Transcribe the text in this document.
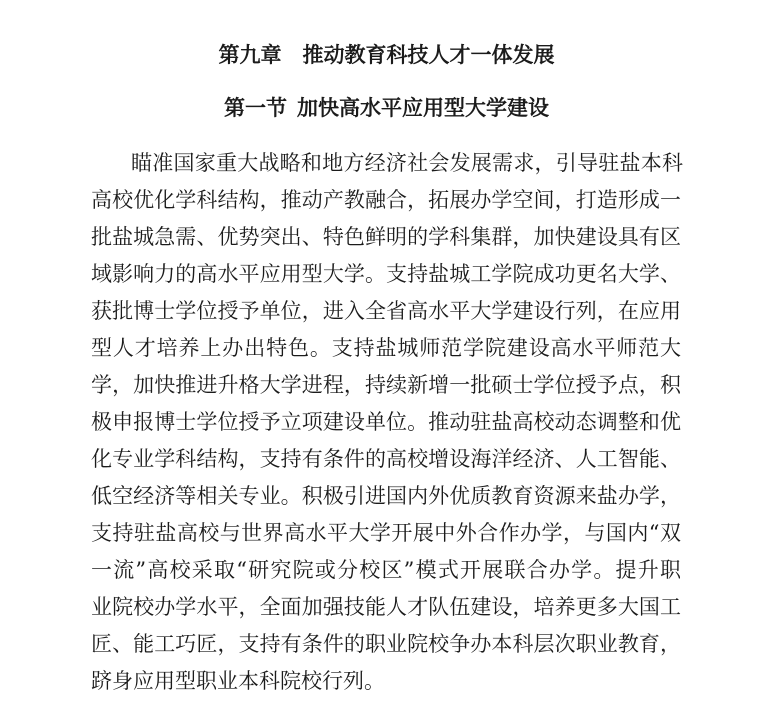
第九章 推动教育科技人才一体发展
第一节 加快高水平应用型大学建设
瞄准国家重大战略和地方经济社会发展需求，引导驻盐本科
高校优化学科结构，推动产教融合，拓展办学空间，打造形成一
批盐城急需、优势突出、特色鲜明的学科集群，加快建设具有区
域影响力的高水平应用型大学。支持盐城工学院成功更名大学、
获批博士学位授予单位，进入全省高水平大学建设行列，在应用
型人才培养上办出特色。支持盐城师范学院建设高水平师范大
学，加快推进升格大学进程，持续新增一批硕士学位授予点，积
极申报博士学位授予立项建设单位。推动驻盐高校动态调整和优
化专业学科结构，支持有条件的高校增设海洋经济、人工智能、
低空经济等相关专业。积极引进国内外优质教育资源来盐办学，
支持驻盐高校与世界高水平大学开展中外合作办学，与国内“双
一流”高校采取“研究院或分校区”模式开展联合办学。提升职
业院校办学水平，全面加强技能人才队伍建设，培养更多大国工
匠、能工巧匠，支持有条件的职业院校争办本科层次职业教育，
跻身应用型职业本科院校行列。
